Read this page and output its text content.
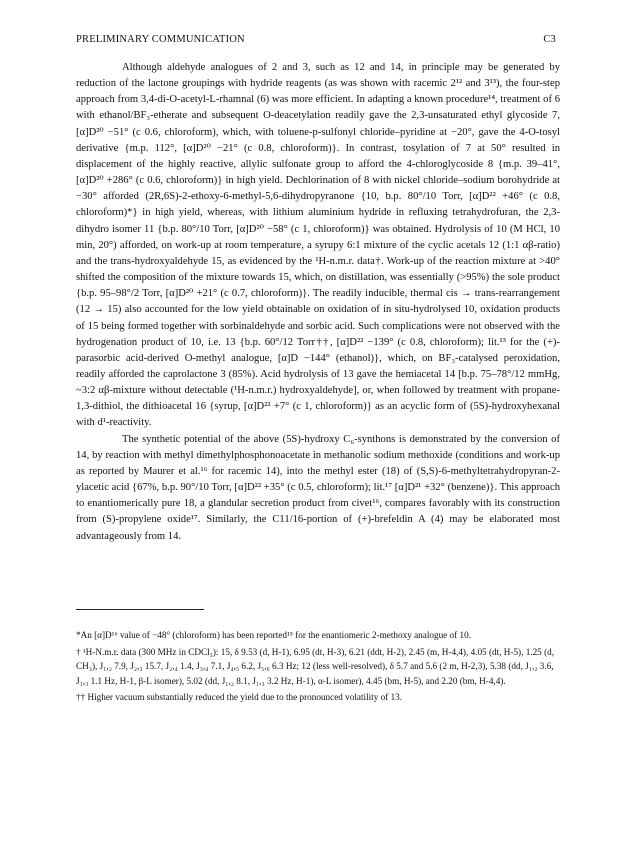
PRELIMINARY COMMUNICATION	C3

Although aldehyde analogues of 2 and 3, such as 12 and 14, in principle may be generated by reduction of the lactone groupings with hydride reagents (as was shown with racemic 2¹² and 3¹³), the four-step approach from 3,4-di-O-acetyl-L-rhamnal (6) was more efficient. In adapting a known procedure¹⁴, treatment of 6 with ethanol/BF₃-etherate and subsequent O-deacetylation readily gave the 2,3-unsaturated ethyl glycoside 7, [α]D²⁰ −51° (c 0.6, chloroform), which, with toluene-p-sulfonyl chloride–pyridine at −20°, gave the 4-O-tosyl derivative {m.p. 112°, [α]D²⁰ −21° (c 0.8, chloroform)}. In contrast, tosylation of 7 at 50° resulted in displacement of the highly reactive, allylic sulfonate group to afford the 4-chloroglycoside 8 {m.p. 39–41°, [α]D²⁰ +286° (c 0.6, chloroform)} in high yield. Dechlorination of 8 with nickel chloride–sodium borohydride at −30° afforded (2R,6S)-2-ethoxy-6-methyl-5,6-dihydropyranone {10, b.p. 80°/10 Torr, [α]D²² +46° (c 0.8, chloroform)*} in high yield, whereas, with lithium aluminium hydride in refluxing tetrahydrofuran, the 2,3-dihydro isomer 11 {b.p. 80°/10 Torr, [α]D²⁰ −58° (c 1, chloroform)} was obtained. Hydrolysis of 10 (M HCl, 10 min, 20°) afforded, on work-up at room temperature, a syrupy 6:1 mixture of the cyclic acetals 12 (1:1 αβ-ratio) and the trans-hydroxyaldehyde 15, as evidenced by the ¹H-n.m.r. data†. Work-up of the reaction mixture at >40° shifted the composition of the mixture towards 15, which, on distillation, was essentially (>95%) the sole product {b.p. 95–98°/2 Torr, [α]D²⁰ +21° (c 0.7, chloroform)}. The readily inducible, thermal cis → trans-rearrangement (12 → 15) also accounted for the low yield obtainable on oxidation of in situ-hydrolysed 10, oxidation products of 15 being formed together with sorbinaldehyde and sorbic acid. Such complications were not observed with the hydrogenation product of 10, i.e. 13 {b.p. 60°/12 Torr††, [α]D²² −139° (c 0.8, chloroform); lit.¹³ for the (+)-parasorbic acid-derived O-methyl analogue, [α]D −144° (ethanol)}, which, on BF₃-catalysed peroxidation, readily afforded the caprolactone 3 (85%). Acid hydrolysis of 13 gave the hemiacetal 14 [b.p. 75–78°/12 mmHg, ~3:2 αβ-mixture without detectable (¹H-n.m.r.) hydroxyaldehyde], or, when followed by treatment with propane-1,3-dithiol, the dithioacetal 16 {syrup, [α]D²² +7° (c 1, chloroform)} as an acyclic form of (5S)-hydroxyhexanal with d¹-reactivity.

The synthetic potential of the above (5S)-hydroxy C₆-synthons is demonstrated by the conversion of 14, by reaction with methyl dimethylphosphonoacetate in methanolic sodium methoxide (conditions and work-up as reported by Maurer et al.¹⁶ for racemic 14), into the methyl ester (18) of (S,S)-6-methyltetrahydropyran-2-ylacetic acid {67%, b.p. 90°/10 Torr, [α]D²² +35° (c 0.5, chloroform); lit.¹⁷ [α]D²¹ +32° (benzene)}. This approach to enantiomerically pure 18, a glandular secretion product from civet¹⁶, compares favorably with its construction from (S)-propylene oxide¹⁷. Similarly, the C11/16-portion of (+)-brefeldin A (4) may be elaborated most advantageously from 14.

*An [α]D¹⁶ value of −48° (chloroform) has been reported¹⁵ for the enantiomeric 2-methoxy analogue of 10.

† ¹H-N.m.r. data (300 MHz in CDCl₃): 15, δ 9.53 (d, H-1), 6.95 (dt, H-3), 6.21 (ddt, H-2), 2.45 (m, H-4,4), 4.05 (dt, H-5), 1.25 (d, CH₃), J₁,₂ 7.9, J₂,₃ 15.7, J₂,₄ 1.4, J₃,₄ 7.1, J₄,₅ 6.2, J₅,₆ 6.3 Hz; 12 (less well-resolved), δ 5.7 and 5.6 (2 m, H-2,3), 5.38 (dd, J₁,₂ 3.6, J₁,₃ 1.1 Hz, H-1, β-L isomer), 5.02 (dd, J₁,₂ 8.1, J₁,₃ 3.2 Hz, H-1), α-L isomer), 4.45 (bm, H-5), and 2.20 (bm, H-4,4).

†† Higher vacuum substantially reduced the yield due to the pronounced volatility of 13.
